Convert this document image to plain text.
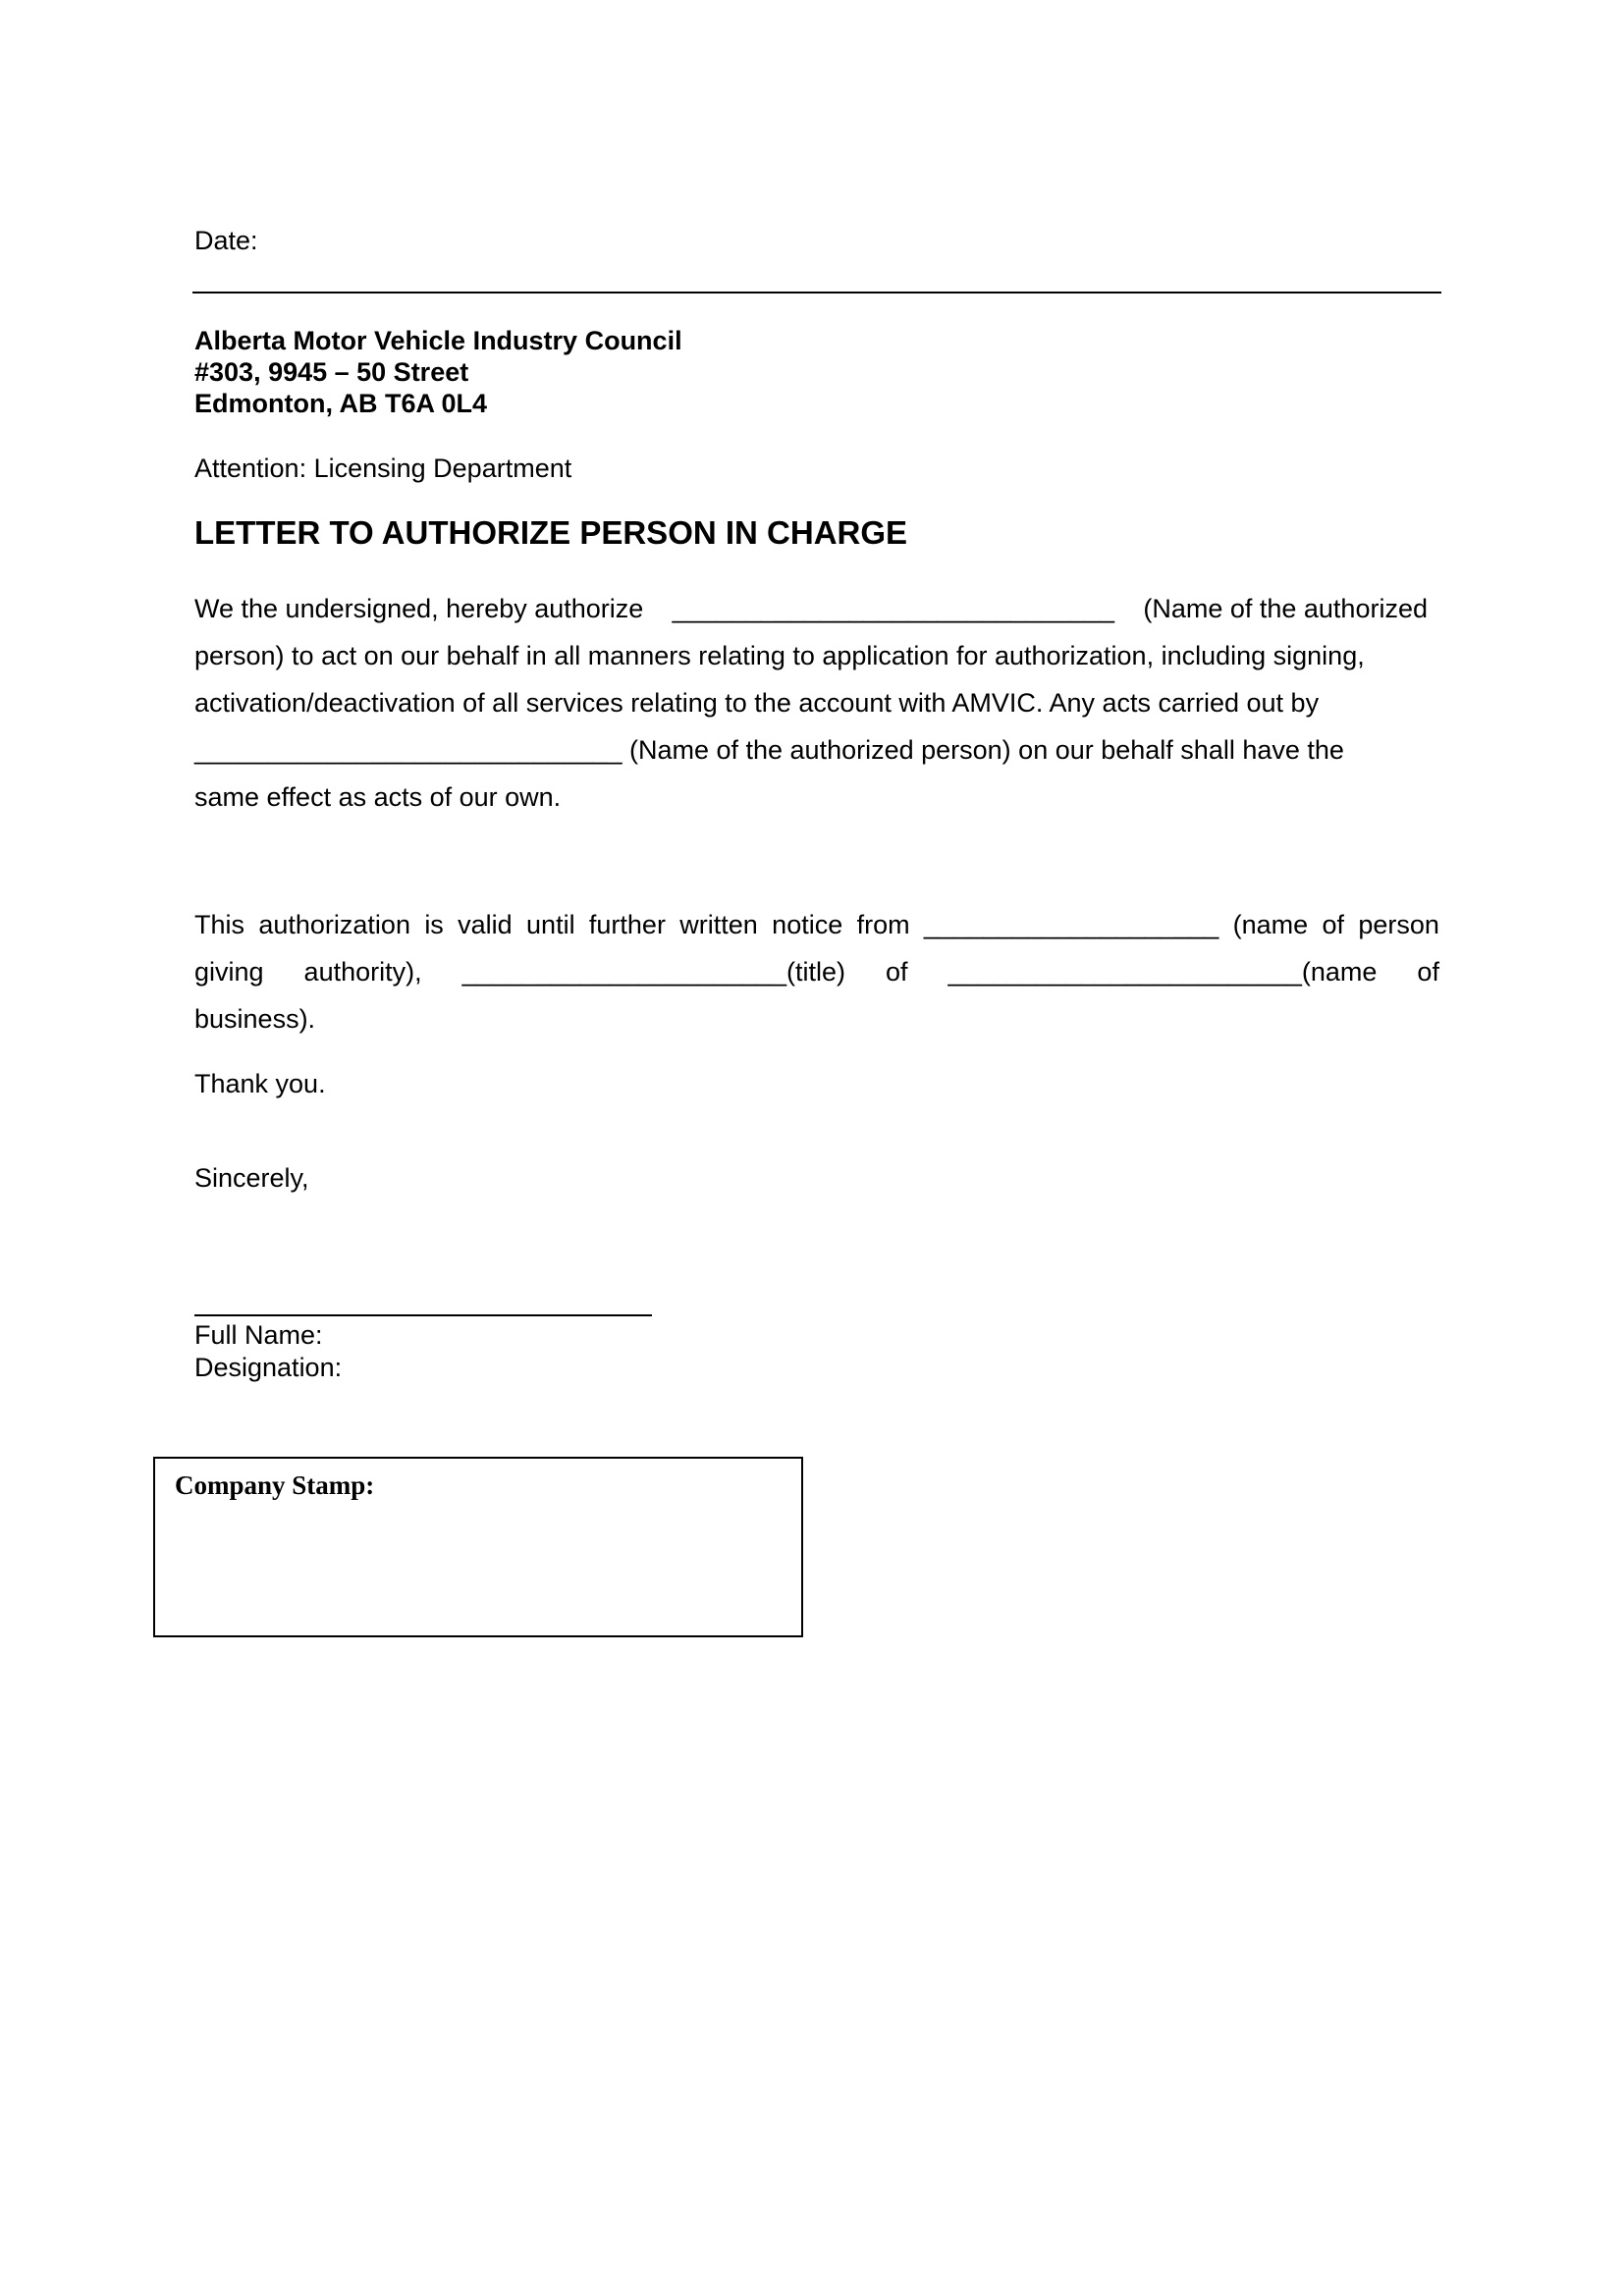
Date:
Alberta Motor Vehicle Industry Council
#303, 9945 – 50 Street
Edmonton, AB T6A 0L4
Attention: Licensing Department
LETTER TO AUTHORIZE PERSON IN CHARGE
We the undersigned, hereby authorize ______________________________ (Name of the authorized
person) to act on our behalf in all manners relating to application for authorization, including signing,
activation/deactivation of all services relating to the account with AMVIC. Any acts carried out by
_____________________________ (Name of the authorized person) on our behalf shall have the
same effect as acts of our own.
This authorization is valid until further written notice from ____________________ (name of person
giving authority), ______________________(title) of ________________________(name of
business).
Thank you.
Sincerely,
Full Name:
Designation:
Company Stamp:
